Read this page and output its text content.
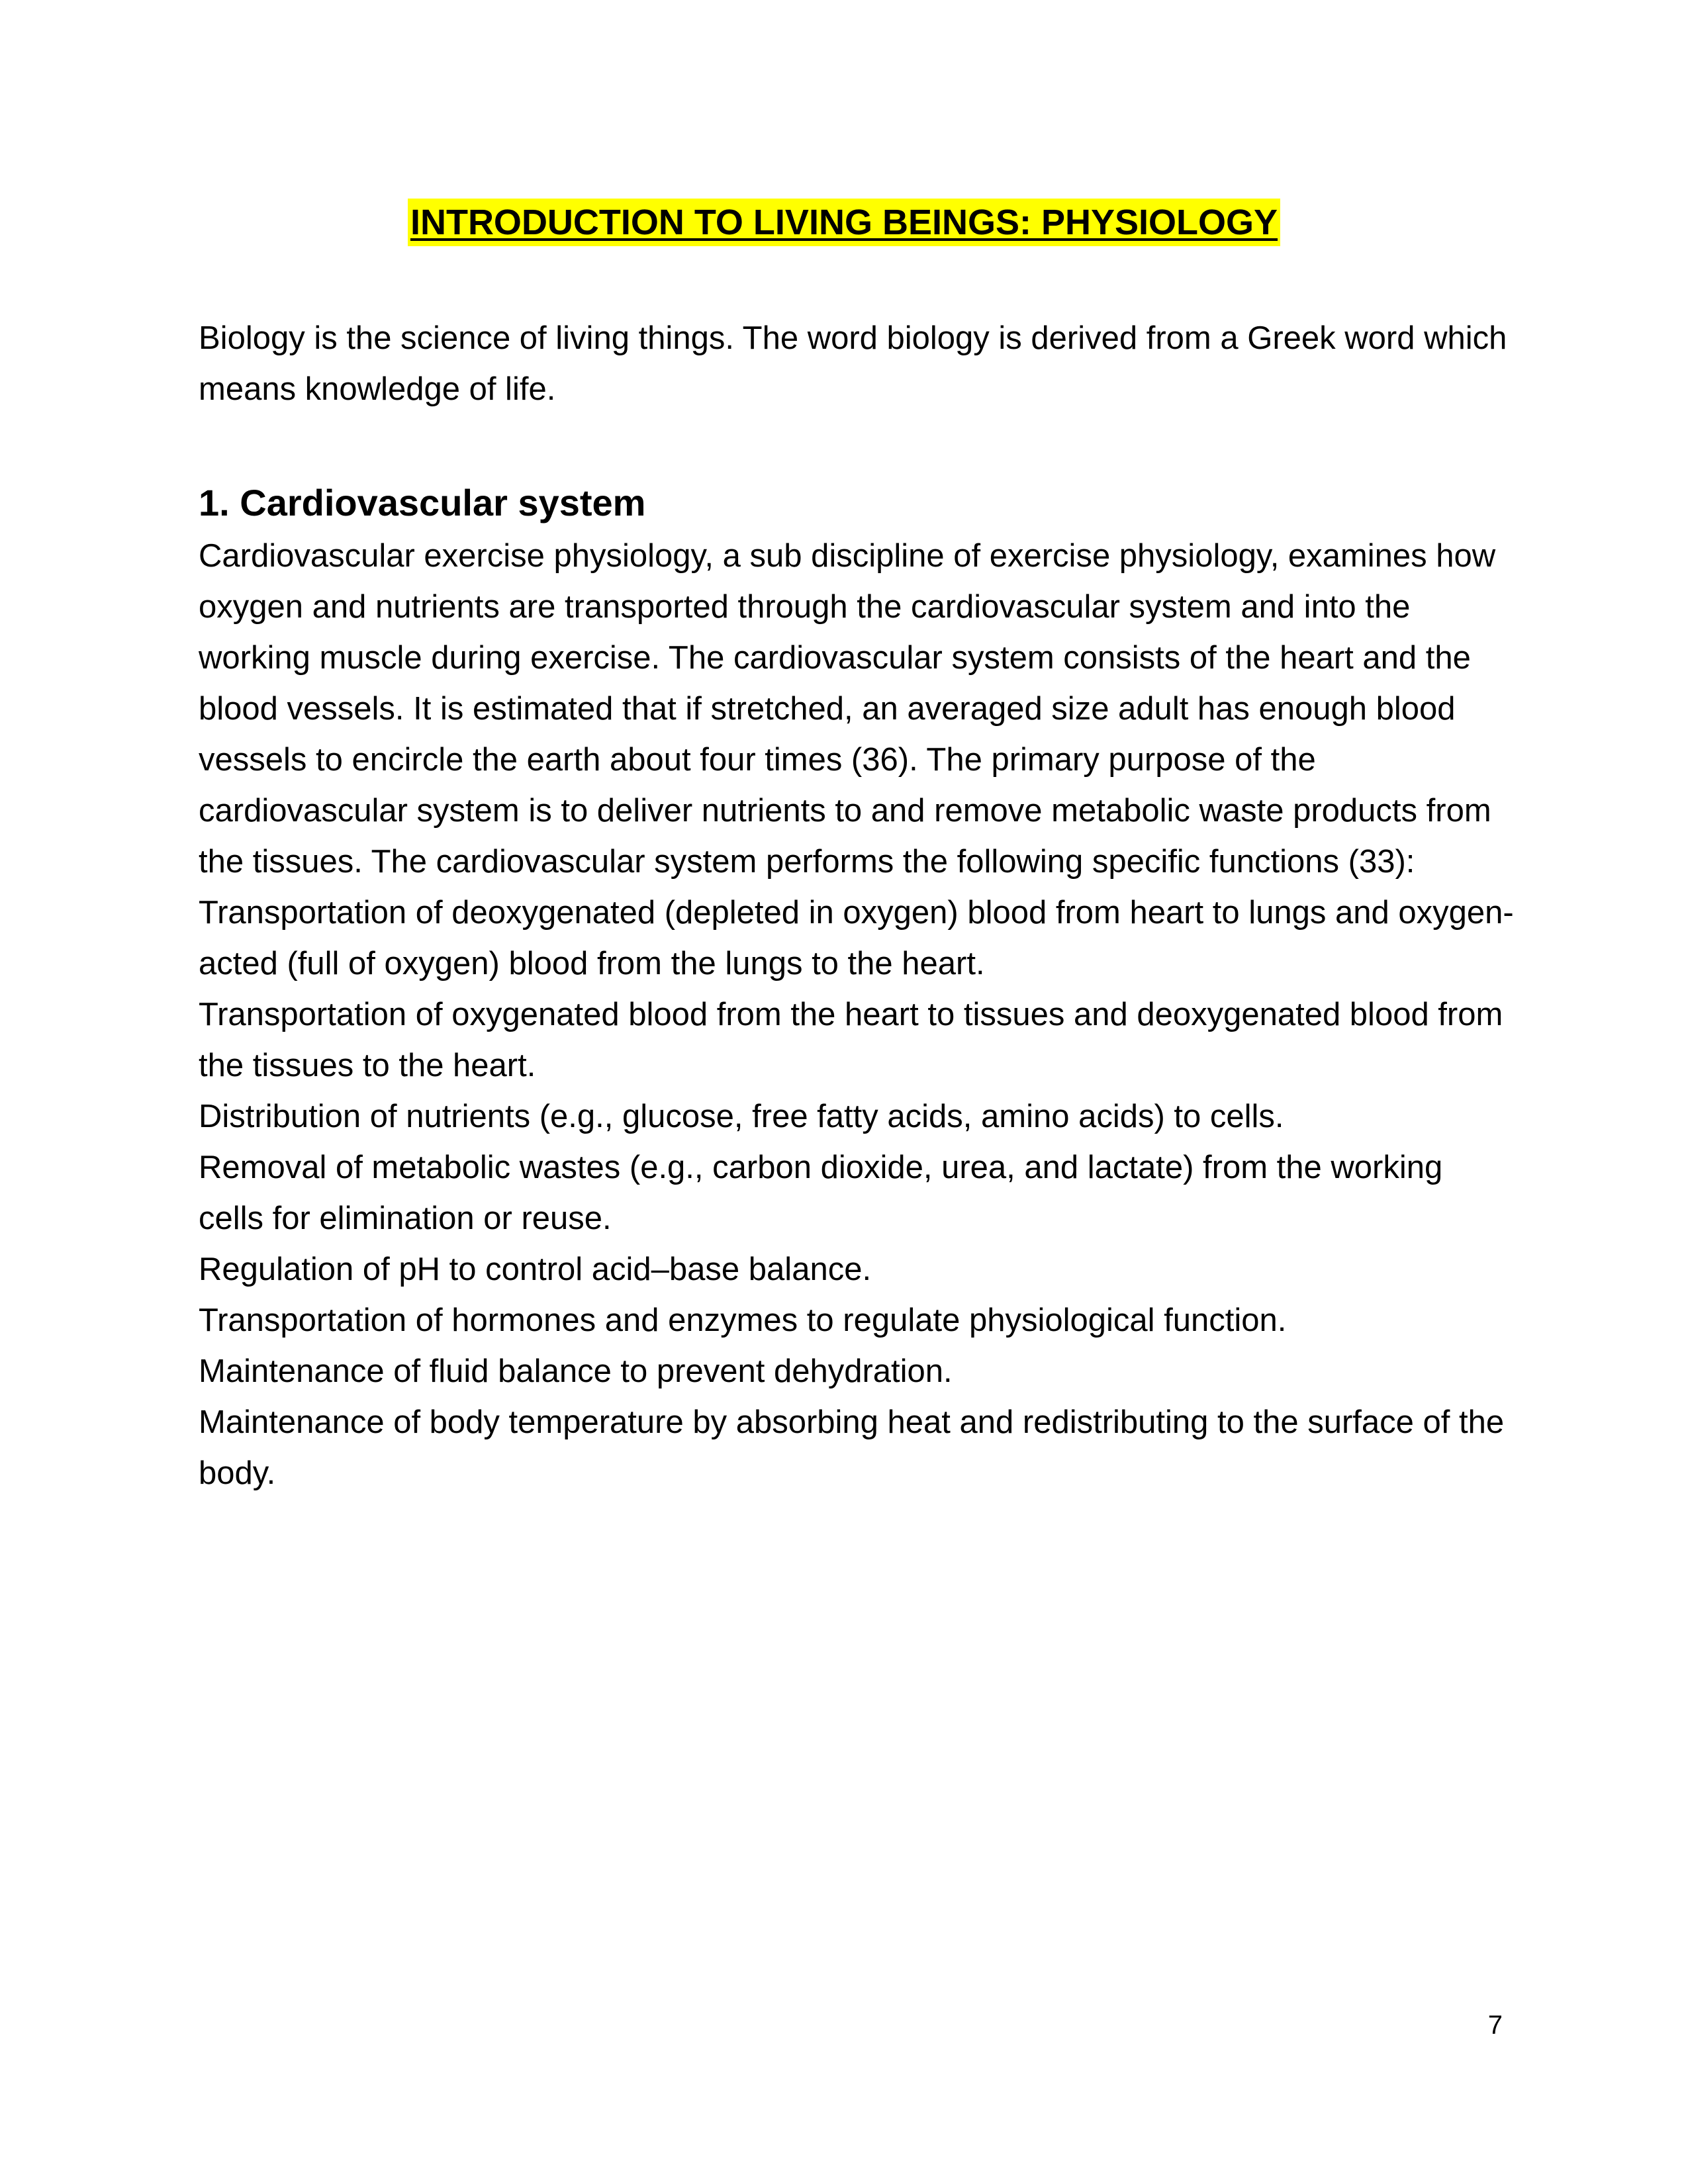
INTRODUCTION TO LIVING BEINGS: PHYSIOLOGY

Biology is the science of living things. The word biology is derived from a Greek word which means knowledge of life.

1. Cardiovascular system

Cardiovascular exercise physiology, a sub discipline of exercise physiology, examines how oxygen and nutrients are transported through the cardiovascular system and into the working muscle during exercise. The cardiovascular system consists of the heart and the blood vessels. It is estimated that if stretched, an averaged size adult has enough blood vessels to encircle the earth about four times (36). The primary purpose of the cardiovascular system is to deliver nutrients to and remove metabolic waste products from the tissues. The cardiovascular system performs the following specific functions (33):

Transportation of deoxygenated (depleted in oxygen) blood from heart to lungs and oxygen- acted (full of oxygen) blood from the lungs to the heart.

Transportation of oxygenated blood from the heart to tissues and deoxygenated blood from the tissues to the heart.

Distribution of nutrients (e.g., glucose, free fatty acids, amino acids) to cells.

Removal of metabolic wastes (e.g., carbon dioxide, urea, and lactate) from the working cells for elimination or reuse.

Regulation of pH to control acid–base balance.

Transportation of hormones and enzymes to regulate physiological function.

Maintenance of fluid balance to prevent dehydration.

Maintenance of body temperature by absorbing heat and redistributing to the surface of the body.

7
